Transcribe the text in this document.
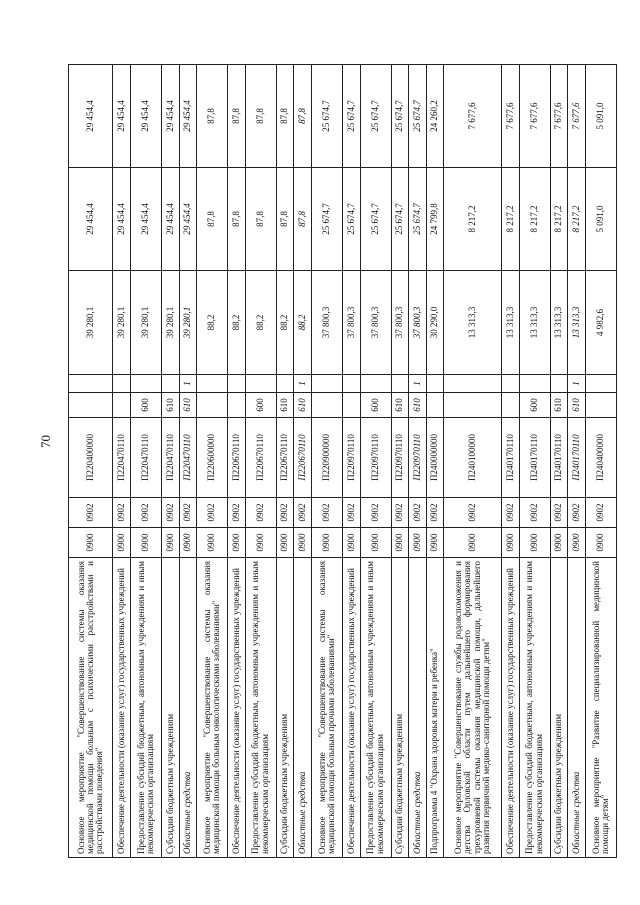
70
Основное мероприятие "Совершенствование системы оказания медицинской помощи больным с психическими расстройствами и расстройствами поведения"	0900	0902	П220400000			39 280,1	29 454,4	29 454,4
Обеспечение деятельности (оказание услуг) государственных учреждений	0900	0902	П220470110			39 280,1	29 454,4	29 454,4
Предоставление субсидий бюджетным, автономным учреждениям и иным некоммерческим организациям	0900	0902	П220470110	600		39 280,1	29 454,4	29 454,4
Субсидии бюджетным учреждениям	0900	0902	П220470110	610		39 280,1	29 454,4	29 454,4
Областные средства	0900	0902	П220470110	610	1	39 280,1	29 454,4	29 454,4
Основное мероприятие "Совершенствование системы оказания медицинской помощи больным онкологическими заболеваниями"	0900	0902	П220600000			88,2	87,8	87,8
Обеспечение деятельности (оказание услуг) государственных учреждений	0900	0902	П220670110			88,2	87,8	87,8
Предоставление субсидий бюджетным, автономным учреждениям и иным некоммерческим организациям	0900	0902	П220670110	600		88,2	87,8	87,8
Субсидии бюджетным учреждениям	0900	0902	П220670110	610		88,2	87,8	87,8
Областные средства	0900	0902	П220670110	610	1	88,2	87,8	87,8
Основное мероприятие "Совершенствование системы оказания медицинской помощи больным прочими заболеваниями"	0900	0902	П220900000			37 800,3	25 674,7	25 674,7
Обеспечение деятельности (оказание услуг) государственных учреждений	0900	0902	П220970110			37 800,3	25 674,7	25 674,7
Предоставление субсидий бюджетным, автономным учреждениям и иным некоммерческим организациям	0900	0902	П220970110	600		37 800,3	25 674,7	25 674,7
Субсидии бюджетным учреждениям	0900	0902	П220970110	610		37 800,3	25 674,7	25 674,7
Областные средства	0900	0902	П220970110	610	1	37 800,3	25 674,7	25 674,7
Подпрограмма 4 "Охрана здоровья матери и ребенка"	0900	0902	П240000000			30 290,0	24 799,8	24 260,2
Основное мероприятие "Совершенствование службы родовспоможения и детства Орловской области путем дальнейшего формирования трехуровневой системы оказания медицинской помощи, дальнейшего развития первичной медико-санитарной помощи детям"	0900	0902	П240100000			13 313,3	8 217,2	7 677,6
Обеспечение деятельности (оказание услуг) государственных учреждений	0900	0902	П240170110			13 313,3	8 217,2	7 677,6
Предоставление субсидий бюджетным, автономным учреждениям и иным некоммерческим организациям	0900	0902	П240170110	600		13 313,3	8 217,2	7 677,6
Субсидии бюджетным учреждениям	0900	0902	П240170110	610		13 313,3	8 217,2	7 677,6
Областные средства	0900	0902	П240170110	610	1	13 313,3	8 217,2	7 677,6
Основное мероприятие "Развитие специализированной медицинской помощи детям"	0900	0902	П240400000			4 982,6	5 091,0	5 091,0
